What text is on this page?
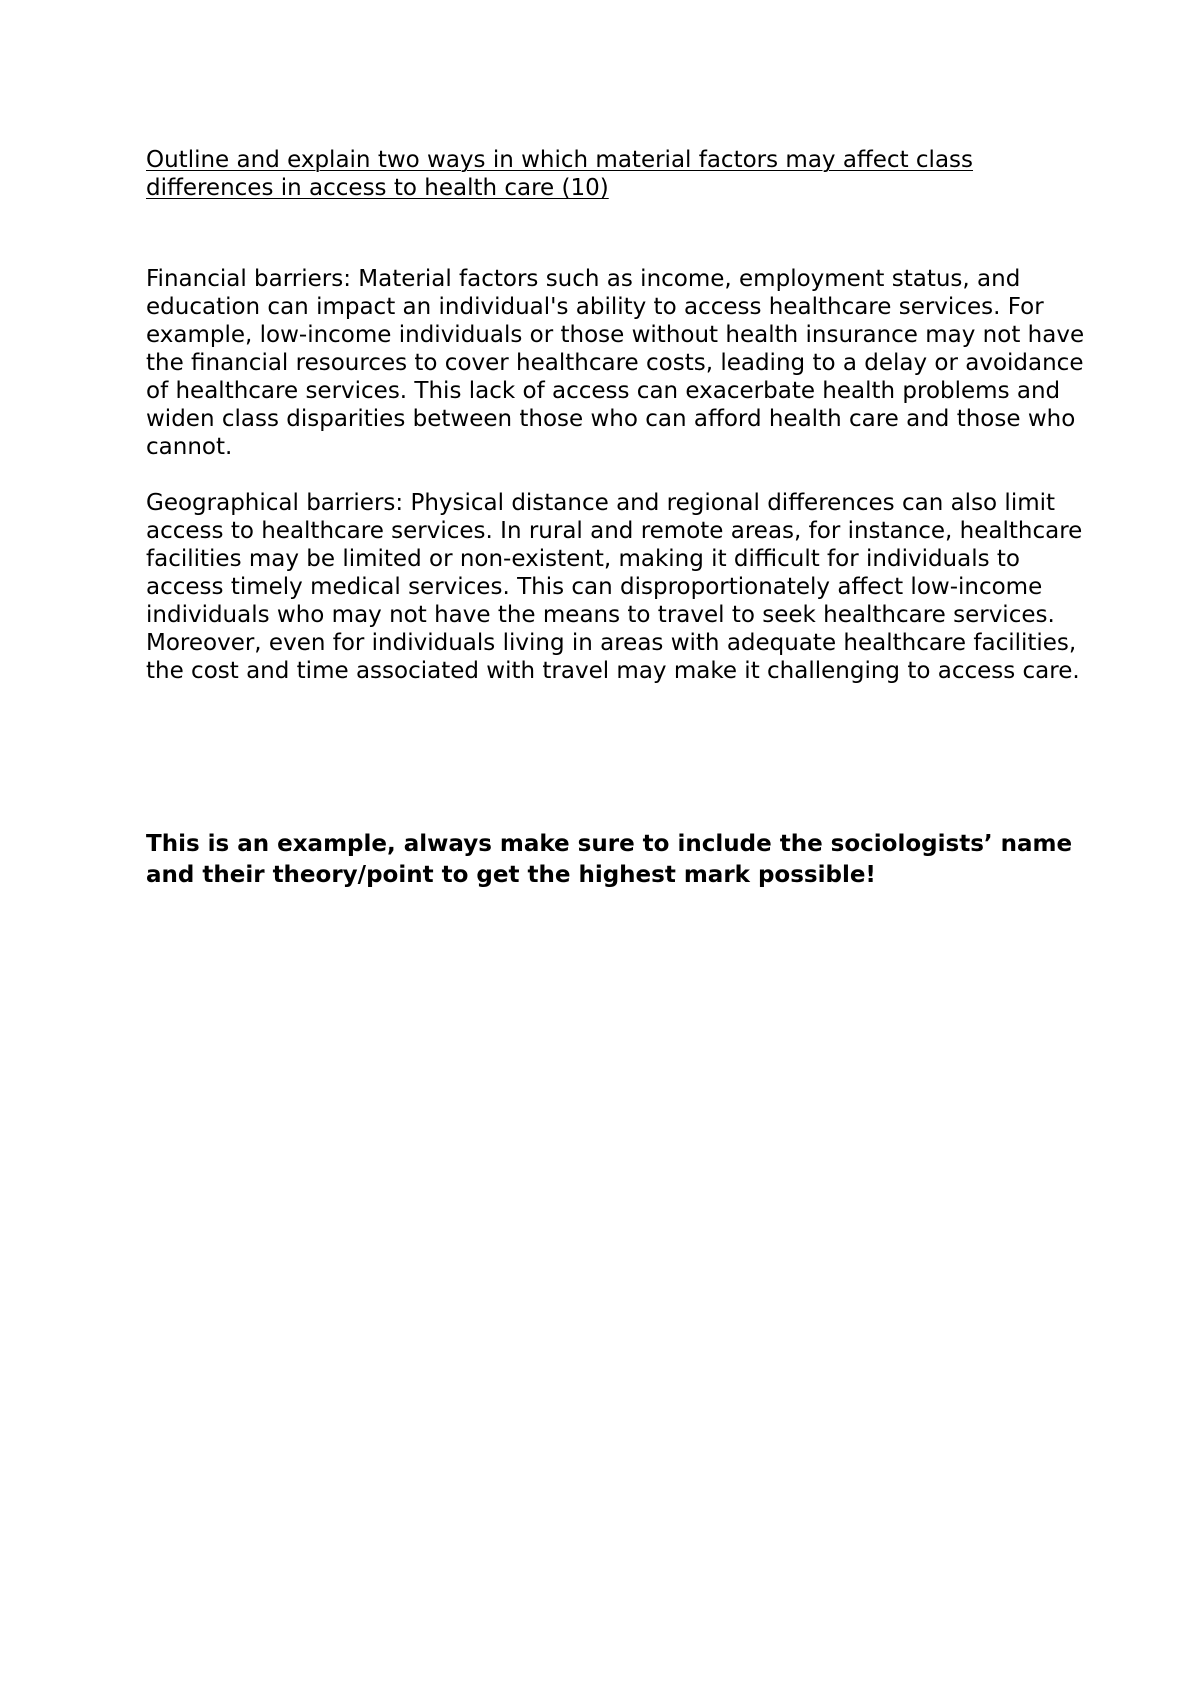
Outline and explain two ways in which material factors may affect class differences in access to health care (10)

Financial barriers: Material factors such as income, employment status, and education can impact an individual's ability to access healthcare services. For example, low-income individuals or those without health insurance may not have the financial resources to cover healthcare costs, leading to a delay or avoidance of healthcare services. This lack of access can exacerbate health problems and widen class disparities between those who can afford health care and those who cannot.

Geographical barriers: Physical distance and regional differences can also limit access to healthcare services. In rural and remote areas, for instance, healthcare facilities may be limited or non-existent, making it difficult for individuals to access timely medical services. This can disproportionately affect low-income individuals who may not have the means to travel to seek healthcare services. Moreover, even for individuals living in areas with adequate healthcare facilities, the cost and time associated with travel may make it challenging to access care.

This is an example, always make sure to include the sociologists’ name and their theory/point to get the highest mark possible!
